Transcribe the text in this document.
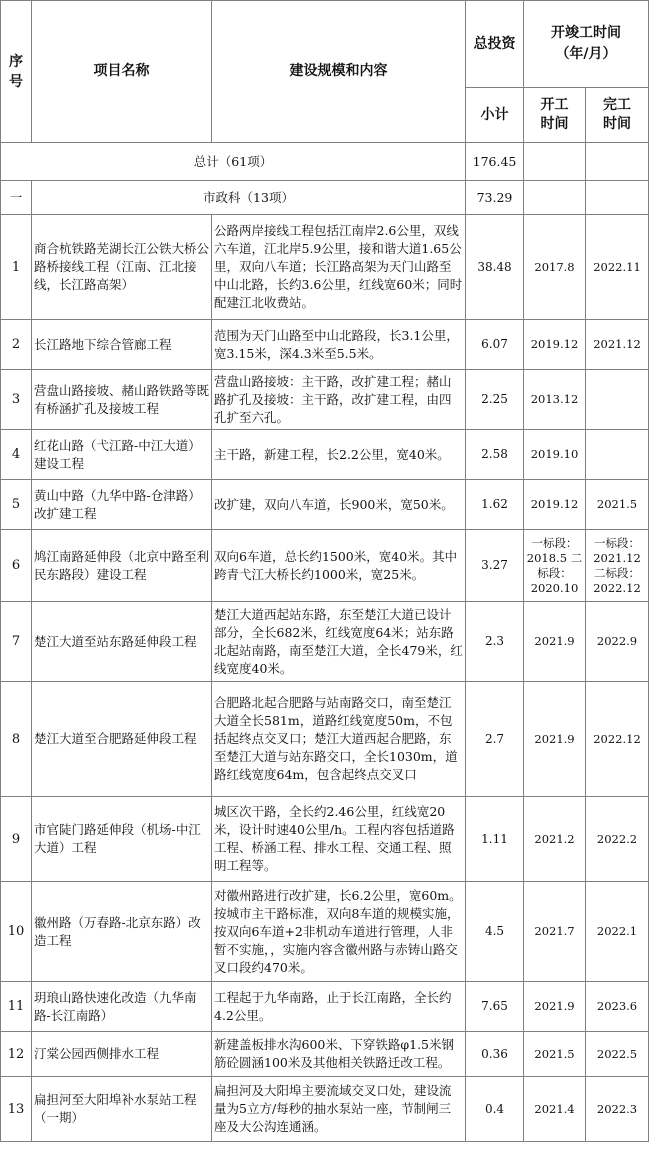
序号	项目名称	建设规模和内容	总投资	开竣工时间（年/月）	
			小计	开工时间	完工时间
总计（61项）			176.45		
一	市政科（13项）		73.29		
1	商合杭铁路芜湖长江公铁大桥公路桥接线工程（江南、江北接线，长江路高架）	公路两岸接线工程包括江南岸2.6公里，双线六车道，江北岸5.9公里，接和谐大道1.65公里，双向八车道；长江路高架为天门山路至中山北路，长约3.6公里，红线宽60米；同时配建江北收费站。	38.48	2017.8	2022.11
2	长江路地下综合管廊工程	范围为天门山路至中山北路段，长3.1公里，宽3.15米，深4.3米至5.5米。	6.07	2019.12	2021.12
3	营盘山路接坡、赭山路铁路等既有桥涵扩孔及接坡工程	营盘山路接坡：主干路，改扩建工程；赭山路扩孔及接坡：主干路，改扩建工程，由四孔扩至六孔。	2.25	2013.12	
4	红花山路（弋江路-中江大道）建设工程	主干路，新建工程，长2.2公里，宽40米。	2.58	2019.10	
5	黄山中路（九华中路-仓津路）改扩建工程	改扩建，双向八车道，长900米，宽50米。	1.62	2019.12	2021.5
6	鸠江南路延伸段（北京中路至利民东路段）建设工程	双向6车道，总长约1500米，宽40米。其中跨青弋江大桥长约1000米，宽25米。	3.27	一标段：2018.5 二标段：2020.10	一标段：2021.12 二标段：2022.12
7	楚江大道至站东路延伸段工程	楚江大道西起站东路，东至楚江大道已设计部分，全长682米，红线宽度64米；站东路北起站南路，南至楚江大道，全长479米，红线宽度40米。	2.3	2021.9	2022.9
8	楚江大道至合肥路延伸段工程	合肥路北起合肥路与站南路交口，南至楚江大道全长581m，道路红线宽度50m，不包括起终点交叉口；楚江大道西起合肥路，东至楚江大道与站东路交口，全长1030m，道路红线宽度64m，包含起终点交叉口	2.7	2021.9	2022.12
9	市官陡门路延伸段（机场-中江大道）工程	城区次干路，全长约2.46公里，红线宽20米，设计时速40公里/h。工程内容包括道路工程、桥涵工程、排水工程、交通工程、照明工程等。	1.11	2021.2	2022.2
10	徽州路（万春路-北京东路）改造工程	对徽州路进行改扩建，长6.2公里，宽60m。按城市主干路标准，双向8车道的规模实施，按双向6车道+2非机动车道进行管理，人非暂不实施，，实施内容含徽州路与赤铸山路交叉口段约470米。	4.5	2021.7	2022.1
11	玥琅山路快速化改造（九华南路-长江南路）	工程起于九华南路，止于长江南路，全长约4.2公里。	7.65	2021.9	2023.6
12	汀棠公园西侧排水工程	新建盖板排水沟600米、下穿铁路φ1.5米钢筋砼圆涵100米及其他相关铁路迁改工程。	0.36	2021.5	2022.5
13	扁担河至大阳埠补水泵站工程（一期）	扁担河及大阳埠主要流域交叉口处，建设流量为5立方/每秒的抽水泵站一座，节制闸三座及大公沟连通涵。	0.4	2021.4	2022.3
